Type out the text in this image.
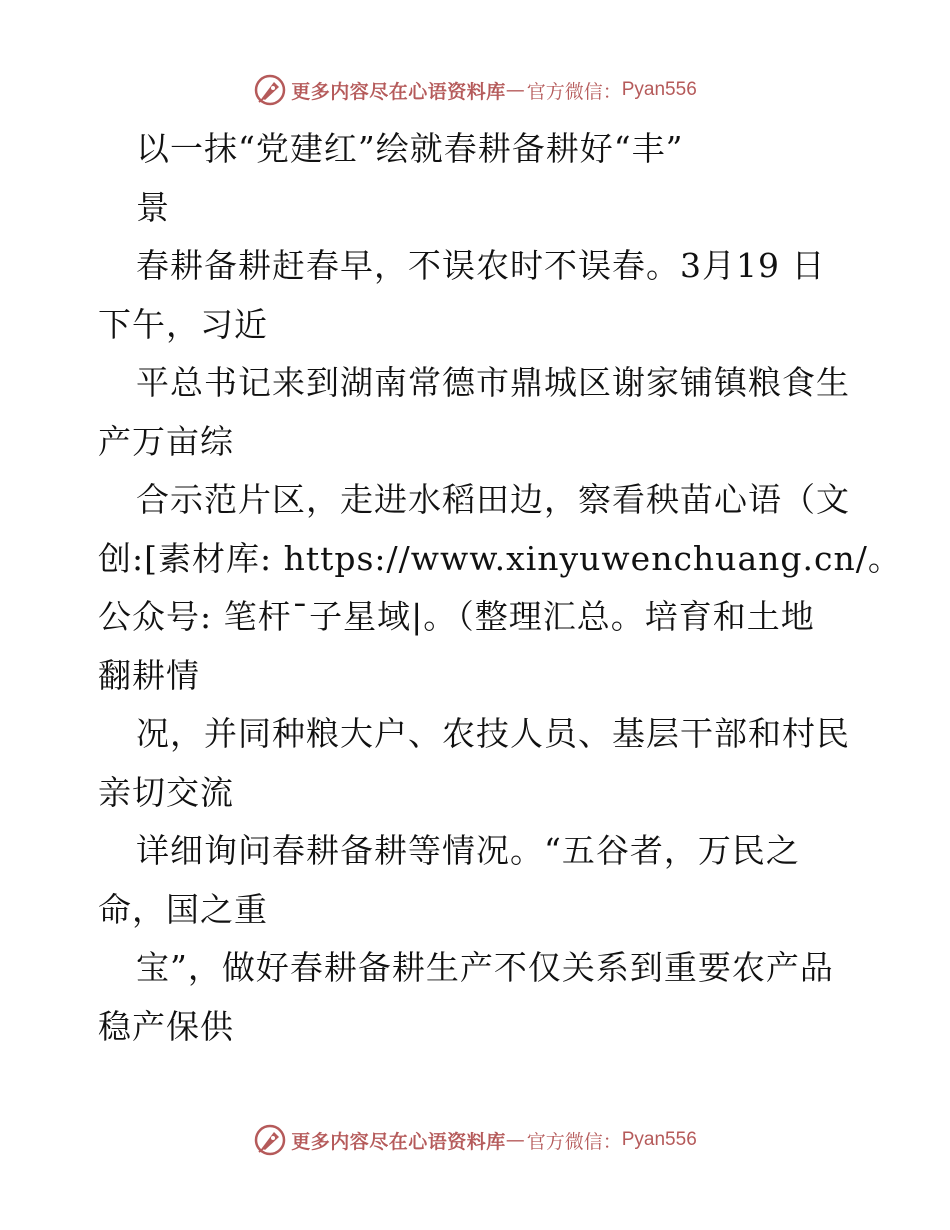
更多内容尽在心语资料库 — 官方微信： Pyan556
以一抹“党建红”绘就春耕备耕好“丰”
景
春耕备耕赶春早，不误农时不误春。3月19 日
下午，习近
平总书记来到湖南常德市鼎城区谢家铺镇粮食生
产万亩综
合示范片区，走进水稻田边，察看秧苗心语（文
创:[素材库: https://www.xinyuwenchuang.cn/。
公众号: 笔杆¯子星域|。（整理汇总。培育和土地
翻耕情
况，并同种粮大户、农技人员、基层干部和村民
亲切交流
详细询问春耕备耕等情况。“五谷者，万民之
命，国之重
宝”，做好春耕备耕生产不仅关系到重要农产品
稳产保供
更多内容尽在心语资料库 — 官方微信： Pyan556
